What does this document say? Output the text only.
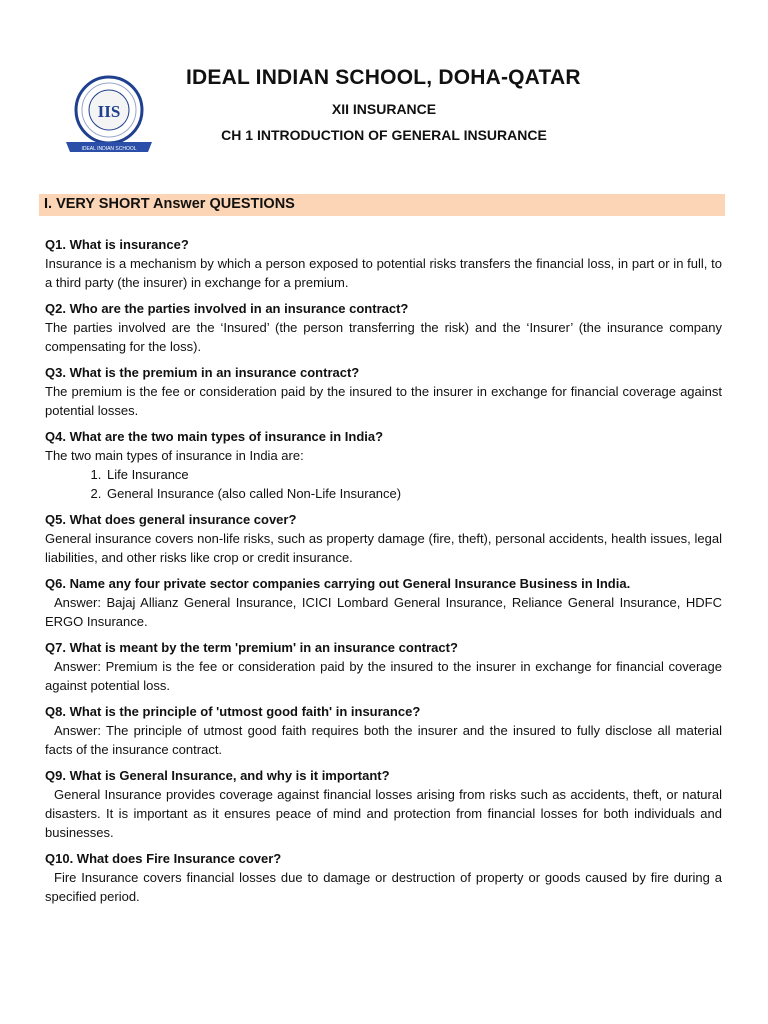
IIS
IDEAL INDIAN SCHOOL
IDEAL INDIAN SCHOOL, DOHA-QATAR
XII INSURANCE
CH 1 INTRODUCTION OF GENERAL INSURANCE
I. VERY SHORT Answer QUESTIONS
Q1. What is insurance?
Insurance is a mechanism by which a person exposed to potential risks transfers the financial loss, in part or in full, to a third party (the insurer) in exchange for a premium.
Q2. Who are the parties involved in an insurance contract?
The parties involved are the ‘Insured’ (the person transferring the risk) and the ‘Insurer’ (the insurance company compensating for the loss).
Q3. What is the premium in an insurance contract?
The premium is the fee or consideration paid by the insured to the insurer in exchange for financial coverage against potential losses.
Q4. What are the two main types of insurance in India?
The two main types of insurance in India are:
1. Life Insurance
2. General Insurance (also called Non-Life Insurance)
Q5. What does general insurance cover?
General insurance covers non-life risks, such as property damage (fire, theft), personal accidents, health issues, legal liabilities, and other risks like crop or credit insurance.
Q6. Name any four private sector companies carrying out General Insurance Business in India.
Answer: Bajaj Allianz General Insurance, ICICI Lombard General Insurance, Reliance General Insurance, HDFC ERGO Insurance.
Q7. What is meant by the term 'premium' in an insurance contract?
Answer: Premium is the fee or consideration paid by the insured to the insurer in exchange for financial coverage against potential loss.
Q8. What is the principle of 'utmost good faith' in insurance?
Answer: The principle of utmost good faith requires both the insurer and the insured to fully disclose all material facts of the insurance contract.
Q9. What is General Insurance, and why is it important?
General Insurance provides coverage against financial losses arising from risks such as accidents, theft, or natural disasters. It is important as it ensures peace of mind and protection from financial losses for both individuals and businesses.
Q10. What does Fire Insurance cover?
Fire Insurance covers financial losses due to damage or destruction of property or goods caused by fire during a specified period.
